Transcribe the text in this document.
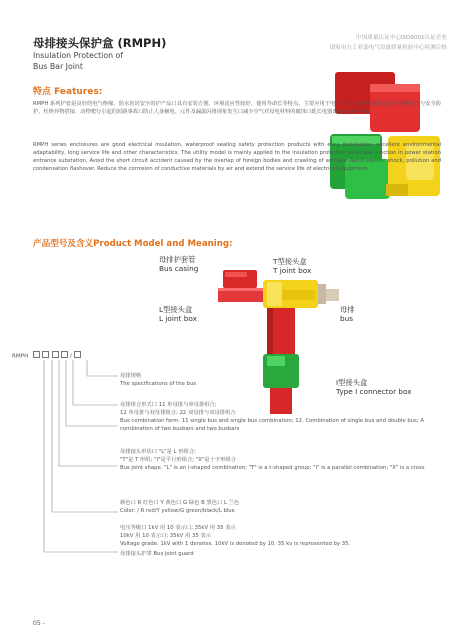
母排接头保护盒 (RMPH)
Insulation Protection of
Bus Bar Joint
中国质量认证中心ISO9001认证企业
国家电力工业部电气设备质量检验中心检测合格
特点 Features:
RMPH 系列护套是良好的电气绝缘、防水密封安全的护产品口具有安装方便、环境适应性较好、使用寿命长等特点。主要应用于电厂口变电站中母线接合处的绝缘保护与安全防护。杜绝异物搭接、动物爬行引起的短路事故口防止人身触电、元件及漏露闪络现象发生口减少空气对母电材料的腐蚀口延长电器设备的使用寿命。
RMPH series enclosures are good electrical insulation, waterproof sealing safety protection products with easy installation, excellent environmental adaptability, long service life and other characteristics. The utility model is mainly applied to the insulation protection of busbar junction in power station entrance substation. Avoid the short circuit accident caused by the overlap of foreign bodies and crawling of animals. Avoid electric shock, pollution and condensation flashover. Reduce the corrosion of conductive materials by air and extend the service life of electrical equipment.
产品型号及含义Product Model and Meaning:
母排护套管
Bus casing
T型接头盒
T joint box
L型接头盒
L joint box
母排
bus
I型接头盒
Type I connector box
RMPH	/
母排规格
The specifications of the bus
母排组合形式口 11 单母排与单母排组合;
12 单母排与双母排组合; 22 双母排与双母排组合
Bus combination form. 11 single bus and single bus combination; 12. Combination of single bus and double bus; A combination of two busbars and two busbars
母排接头形状口 "L"是 L 形组合;
"T"是 T 形组; "I"是平行形组合; "X"是十字形组合
Bus joint shape. "L" is an l-shaped combination; "T" is a t-shaped group; "I" is a parallel combination; "X" is a cross
颜色口 R 红色口 Y 黄色口 G 绿色 B 黑色口 L 兰色
Color: / R red/Y yellow/G green/black/L blue
电压等级口 1kV 用 10 表示口; 35kV 用 35 表示
10kV 用 10 表示口; 35kV 用 35 表示
Voltage grade. 1kV with 1 denotes. 10kV is denoted by 10. 35 kv is represented by 35.
母排接头护罩 Bus joint guard
05 -
